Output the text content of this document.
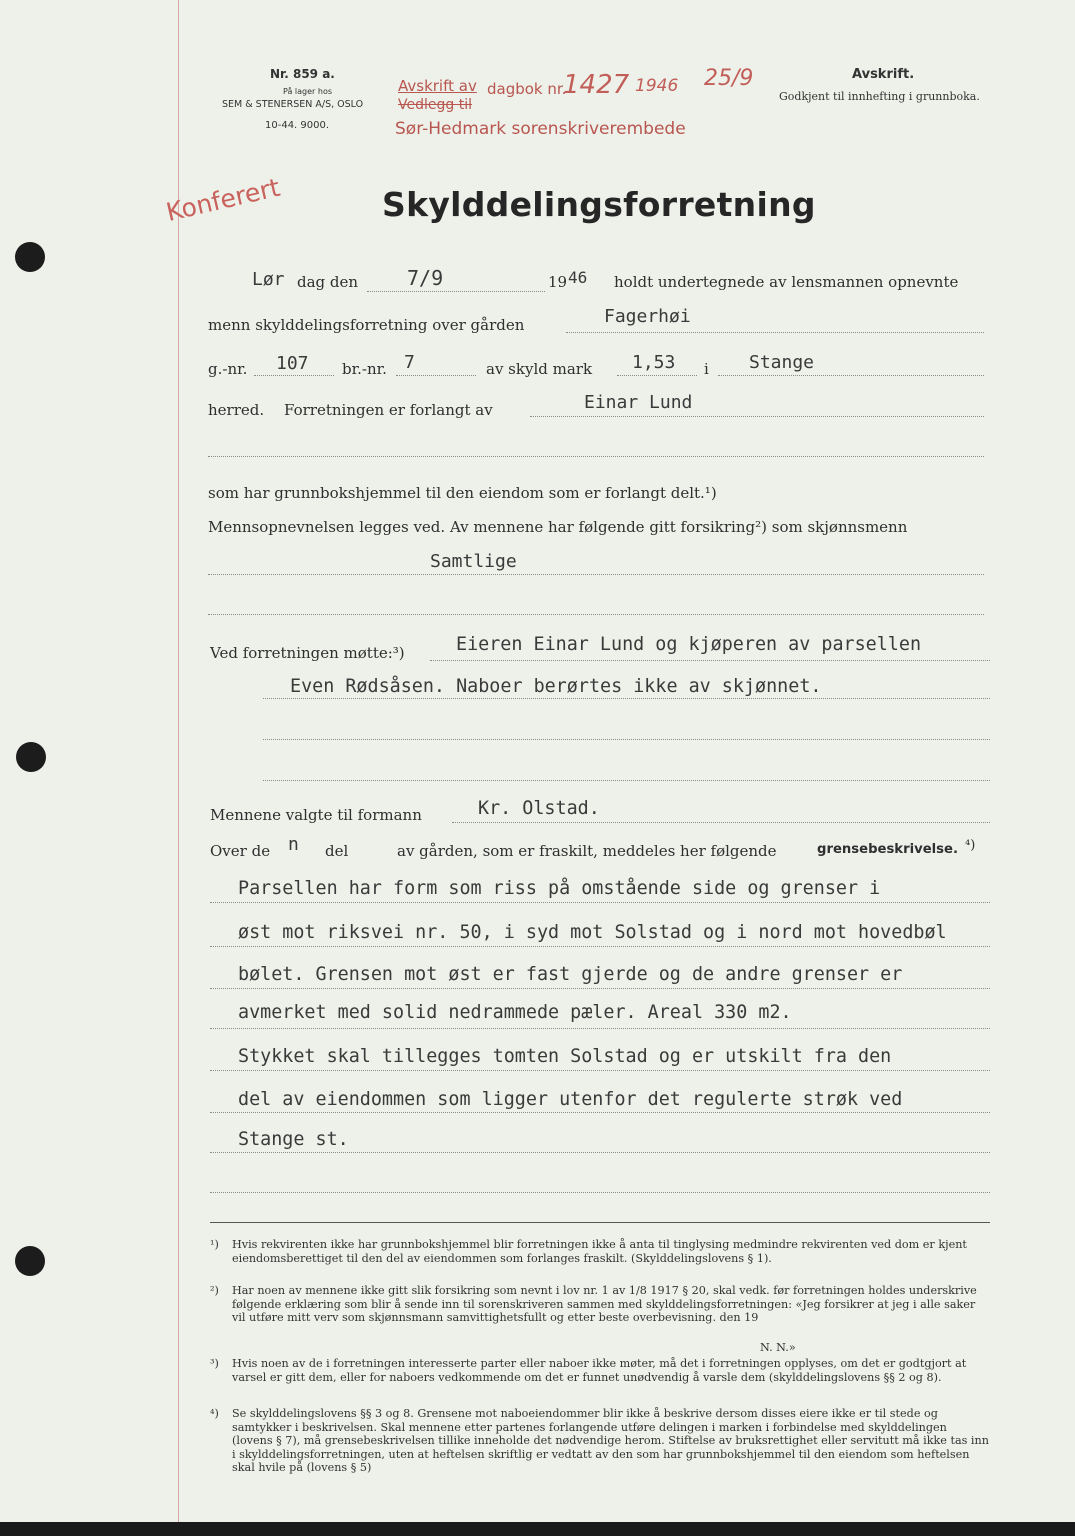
Nr. 859 a.
På lager hos
SEM & STENERSEN A/S, OSLO
10-44. 9000.
Avskrift av dagbok nr.
Vedlegg til
Sør-Hedmark sorenskriverembede
1427 1946 25/9	Avskrift.
Godkjent til innhefting i grunnboka.
Konferert	Skylddelingsforretning
Lør dag den 7/9	19 46 holdt undertegnede av lensmannen opnevnte
menn skylddelingsforretning over gården	Fagerhøi
g.-nr. 107 br.-nr. 7	av skyld mark 1,53 i Stange
herred. Forretningen er forlangt av	Einar Lund
som har grunnbokshjemmel til den eiendom som er forlangt delt.¹)
Mennsopnevnelsen legges ved. Av mennene har følgende gitt forsikring²) som skjønnsmenn
Samtlige
Ved forretningen møtte:³)	Eieren Einar Lund og kjøperen av parsellen
Even Rødsåsen. Naboer berørtes ikke av skjønnet.
Mennene valgte til formann	Kr. Olstad.
Over de n del	av gården, som er fraskilt, meddeles her følgende	grensebeskrivelse. ⁴)
Parsellen har form som riss på omstående side og grenser i
øst mot riksvei nr. 50, i syd mot Solstad og i nord mot hovedbøl
bølet. Grensen mot øst er fast gjerde og de andre grenser er
avmerket med solid nedrammede pæler. Areal 330 m2.
Stykket skal tillegges tomten Solstad og er utskilt fra den
del av eiendommen som ligger utenfor det regulerte strøk ved
Stange st.
¹) Hvis rekvirenten ikke har grunnbokshjemmel blir forretningen ikke å anta til tinglysing medmindre rekvirenten ved dom er kjent eiendomsberettiget til den del av eiendommen som forlanges fraskilt. (Skylddelingslovens § 1).
²) Har noen av mennene ikke gitt slik forsikring som nevnt i lov nr. 1 av 1/8 1917 § 20, skal vedk. før forretningen holdes underskrive følgende erklæring som blir å sende inn til sorenskriveren sammen med skylddelingsforretningen: «Jeg forsikrer at jeg i alle saker vil utføre mitt verv som skjønnsmann samvittighetsfullt og etter beste overbevisning. den 19
N. N.»
³) Hvis noen av de i forretningen interesserte parter eller naboer ikke møter, må det i forretningen opplyses, om det er godtgjort at varsel er gitt dem, eller for naboers vedkommende om det er funnet unødvendig å varsle dem (skylddelingslovens §§ 2 og 8).
⁴) Se skylddelingslovens §§ 3 og 8. Grensene mot naboeiendommer blir ikke å beskrive dersom disses eiere ikke er til stede og samtykker i beskrivelsen. Skal mennene etter partenes forlangende utføre delingen i marken i forbindelse med skylddelingen (lovens § 7), må grensebeskrivelsen tillike inneholde det nødvendige herom. Stiftelse av bruksrettighet eller servitutt må ikke tas inn i skylddelingsforretningen, uten at heftelsen skriftlig er vedtatt av den som har grunnbokshjemmel til den eiendom som heftelsen skal hvile på (lovens § 5)
